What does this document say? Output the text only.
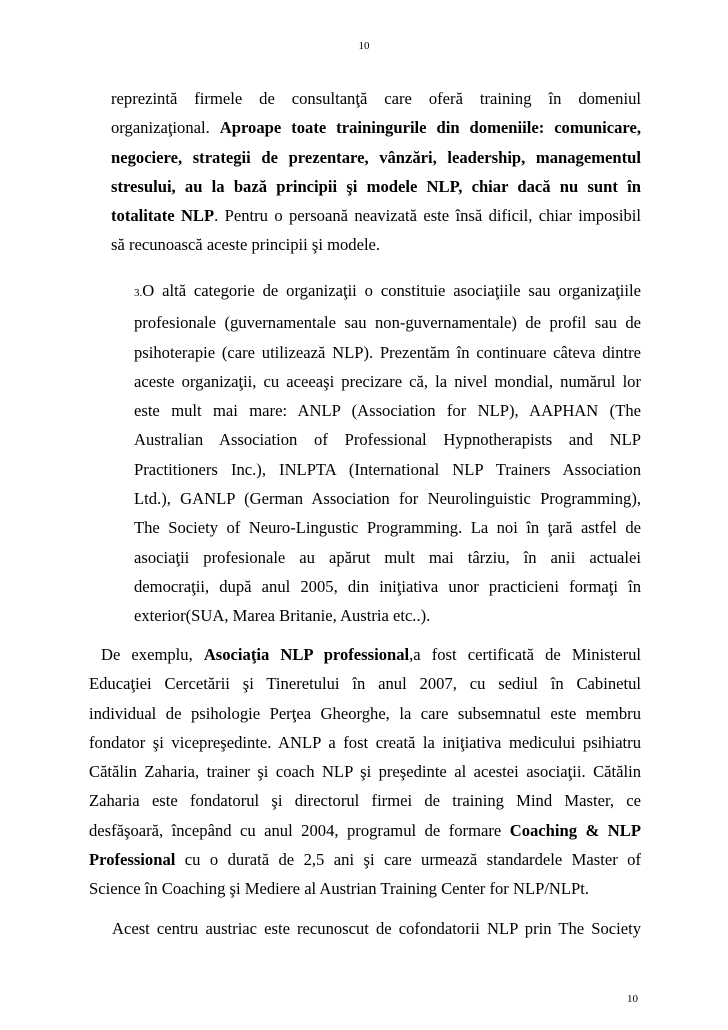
10
reprezintă firmele de consultanţă care oferă training în domeniul
organizaţional. Aproape toate trainingurile din domeniile: comunicare,
negociere, strategii de prezentare, vânzări, leadership, managementul
stresului, au la bază principii şi modele NLP, chiar dacă nu sunt în
totalitate NLP. Pentru o persoană neavizată este însă dificil, chiar imposibil
să recunoască aceste principii şi modele.
3.O altă categorie de organizaţii o constituie asociaţiile sau organizaţiile
profesionale (guvernamentale sau non-guvernamentale) de profil sau de
psihoterapie (care utilizează NLP). Prezentăm în continuare câteva dintre
aceste organizaţii, cu aceeaşi precizare că, la nivel mondial, numărul lor
este mult mai mare: ANLP (Association for NLP), AAPHAN (The
Australian Association of Professional Hypnotherapists and NLP
Practitioners Inc.), INLPTA (International NLP Trainers Association
Ltd.), GANLP (German Association for Neurolinguistic Programming),
The Society of Neuro-Lingustic Programming. La noi în ţară astfel de
asociaţii profesionale au apărut mult mai târziu, în anii actualei
democraţii, după anul 2005, din iniţiativa unor practicieni formaţi în
exterior(SUA, Marea Britanie, Austria etc..).
De exemplu, Asociaţia NLP professional,a fost certificată de Ministerul
Educaţiei Cercetării şi Tineretului în anul 2007, cu sediul în Cabinetul
individual de psihologie Perţea Gheorghe, la care subsemnatul este membru
fondator şi vicepreşedinte. ANLP a fost creată la iniţiativa medicului psihiatru
Cătălin Zaharia, trainer şi coach NLP şi preşedinte al acestei asociaţii. Cătălin
Zaharia este fondatorul şi directorul firmei de training Mind Master, ce
desfăşoară, începând cu anul 2004, programul de formare Coaching & NLP
Professional cu o durată de 2,5 ani şi care urmează standardele Master of
Science în Coaching şi Mediere al Austrian Training Center for NLP/NLPt.
Acest centru austriac este recunoscut de cofondatorii NLP prin The Society
10
